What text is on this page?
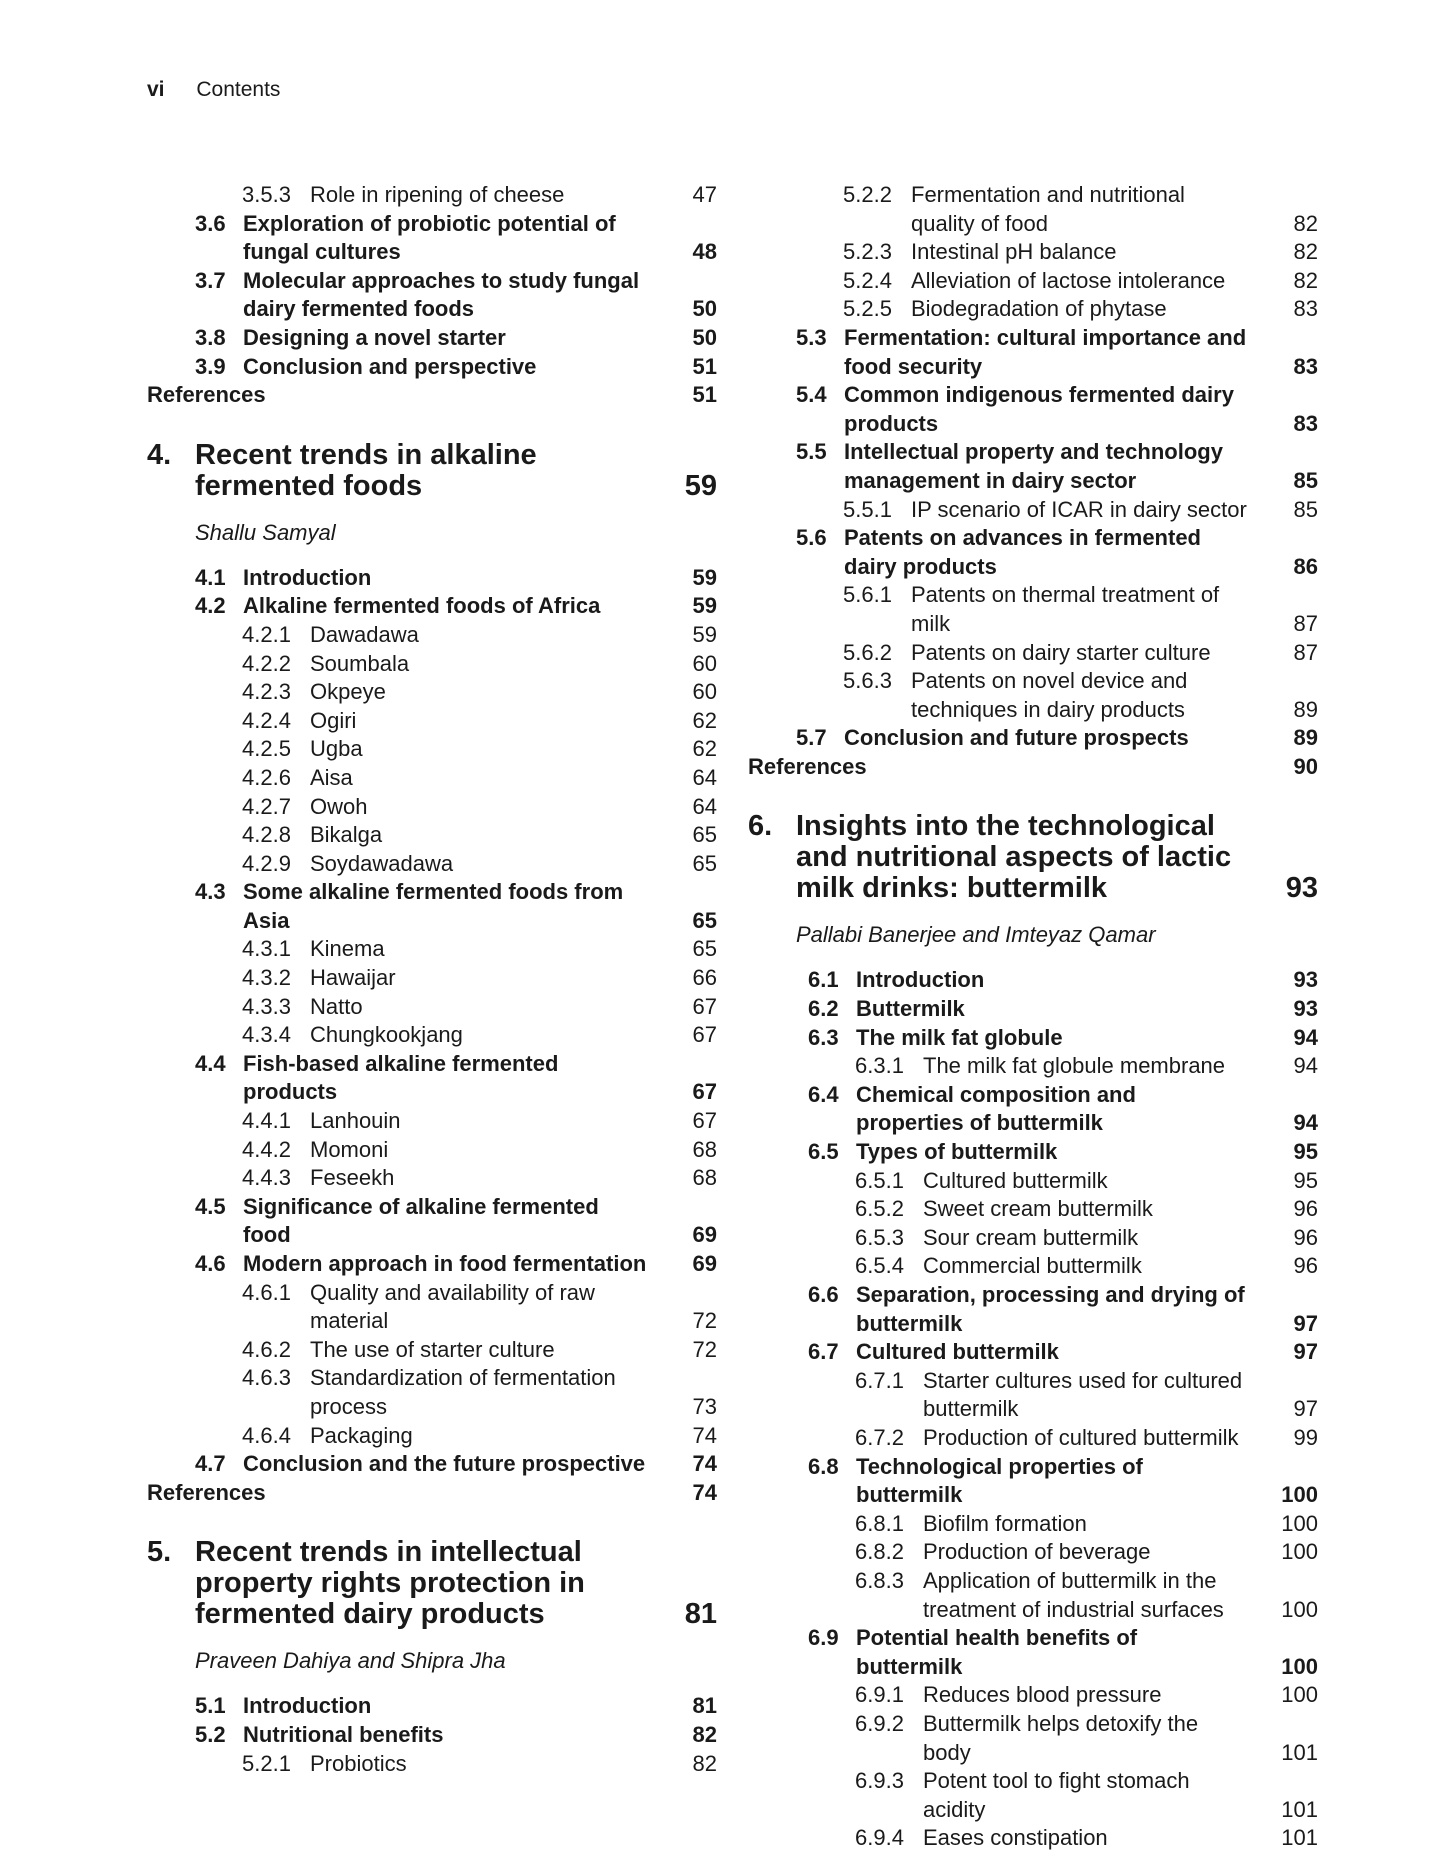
vi Contents
3.5.3 Role in ripening of cheese	47
3.6 Exploration of probiotic potential of fungal cultures	48
3.7 Molecular approaches to study fungal dairy fermented foods	50
3.8 Designing a novel starter	50
3.9 Conclusion and perspective	51
References	51
4. Recent trends in alkaline fermented foods	59
Shallu Samyal
4.1 Introduction	59
4.2 Alkaline fermented foods of Africa	59
4.2.1 Dawadawa	59
4.2.2 Soumbala	60
4.2.3 Okpeye	60
4.2.4 Ogiri	62
4.2.5 Ugba	62
4.2.6 Aisa	64
4.2.7 Owoh	64
4.2.8 Bikalga	65
4.2.9 Soydawadawa	65
4.3 Some alkaline fermented foods from Asia	65
4.3.1 Kinema	65
4.3.2 Hawaijar	66
4.3.3 Natto	67
4.3.4 Chungkookjang	67
4.4 Fish-based alkaline fermented products	67
4.4.1 Lanhouin	67
4.4.2 Momoni	68
4.4.3 Feseekh	68
4.5 Significance of alkaline fermented food	69
4.6 Modern approach in food fermentation	69
4.6.1 Quality and availability of raw material	72
4.6.2 The use of starter culture	72
4.6.3 Standardization of fermentation process	73
4.6.4 Packaging	74
4.7 Conclusion and the future prospective	74
References	74
5. Recent trends in intellectual property rights protection in fermented dairy products	81
Praveen Dahiya and Shipra Jha
5.1 Introduction	81
5.2 Nutritional benefits	82
5.2.1 Probiotics	82
5.2.2 Fermentation and nutritional quality of food	82
5.2.3 Intestinal pH balance	82
5.2.4 Alleviation of lactose intolerance	82
5.2.5 Biodegradation of phytase	83
5.3 Fermentation: cultural importance and food security	83
5.4 Common indigenous fermented dairy products	83
5.5 Intellectual property and technology management in dairy sector	85
5.5.1 IP scenario of ICAR in dairy sector	85
5.6 Patents on advances in fermented dairy products	86
5.6.1 Patents on thermal treatment of milk	87
5.6.2 Patents on dairy starter culture	87
5.6.3 Patents on novel device and techniques in dairy products	89
5.7 Conclusion and future prospects	89
References	90
6. Insights into the technological and nutritional aspects of lactic milk drinks: buttermilk	93
Pallabi Banerjee and Imteyaz Qamar
6.1 Introduction	93
6.2 Buttermilk	93
6.3 The milk fat globule	94
6.3.1 The milk fat globule membrane	94
6.4 Chemical composition and properties of buttermilk	94
6.5 Types of buttermilk	95
6.5.1 Cultured buttermilk	95
6.5.2 Sweet cream buttermilk	96
6.5.3 Sour cream buttermilk	96
6.5.4 Commercial buttermilk	96
6.6 Separation, processing and drying of buttermilk	97
6.7 Cultured buttermilk	97
6.7.1 Starter cultures used for cultured buttermilk	97
6.7.2 Production of cultured buttermilk	99
6.8 Technological properties of buttermilk	100
6.8.1 Biofilm formation	100
6.8.2 Production of beverage	100
6.8.3 Application of buttermilk in the treatment of industrial surfaces	100
6.9 Potential health benefits of buttermilk	100
6.9.1 Reduces blood pressure	100
6.9.2 Buttermilk helps detoxify the body	101
6.9.3 Potent tool to fight stomach acidity	101
6.9.4 Eases constipation	101
